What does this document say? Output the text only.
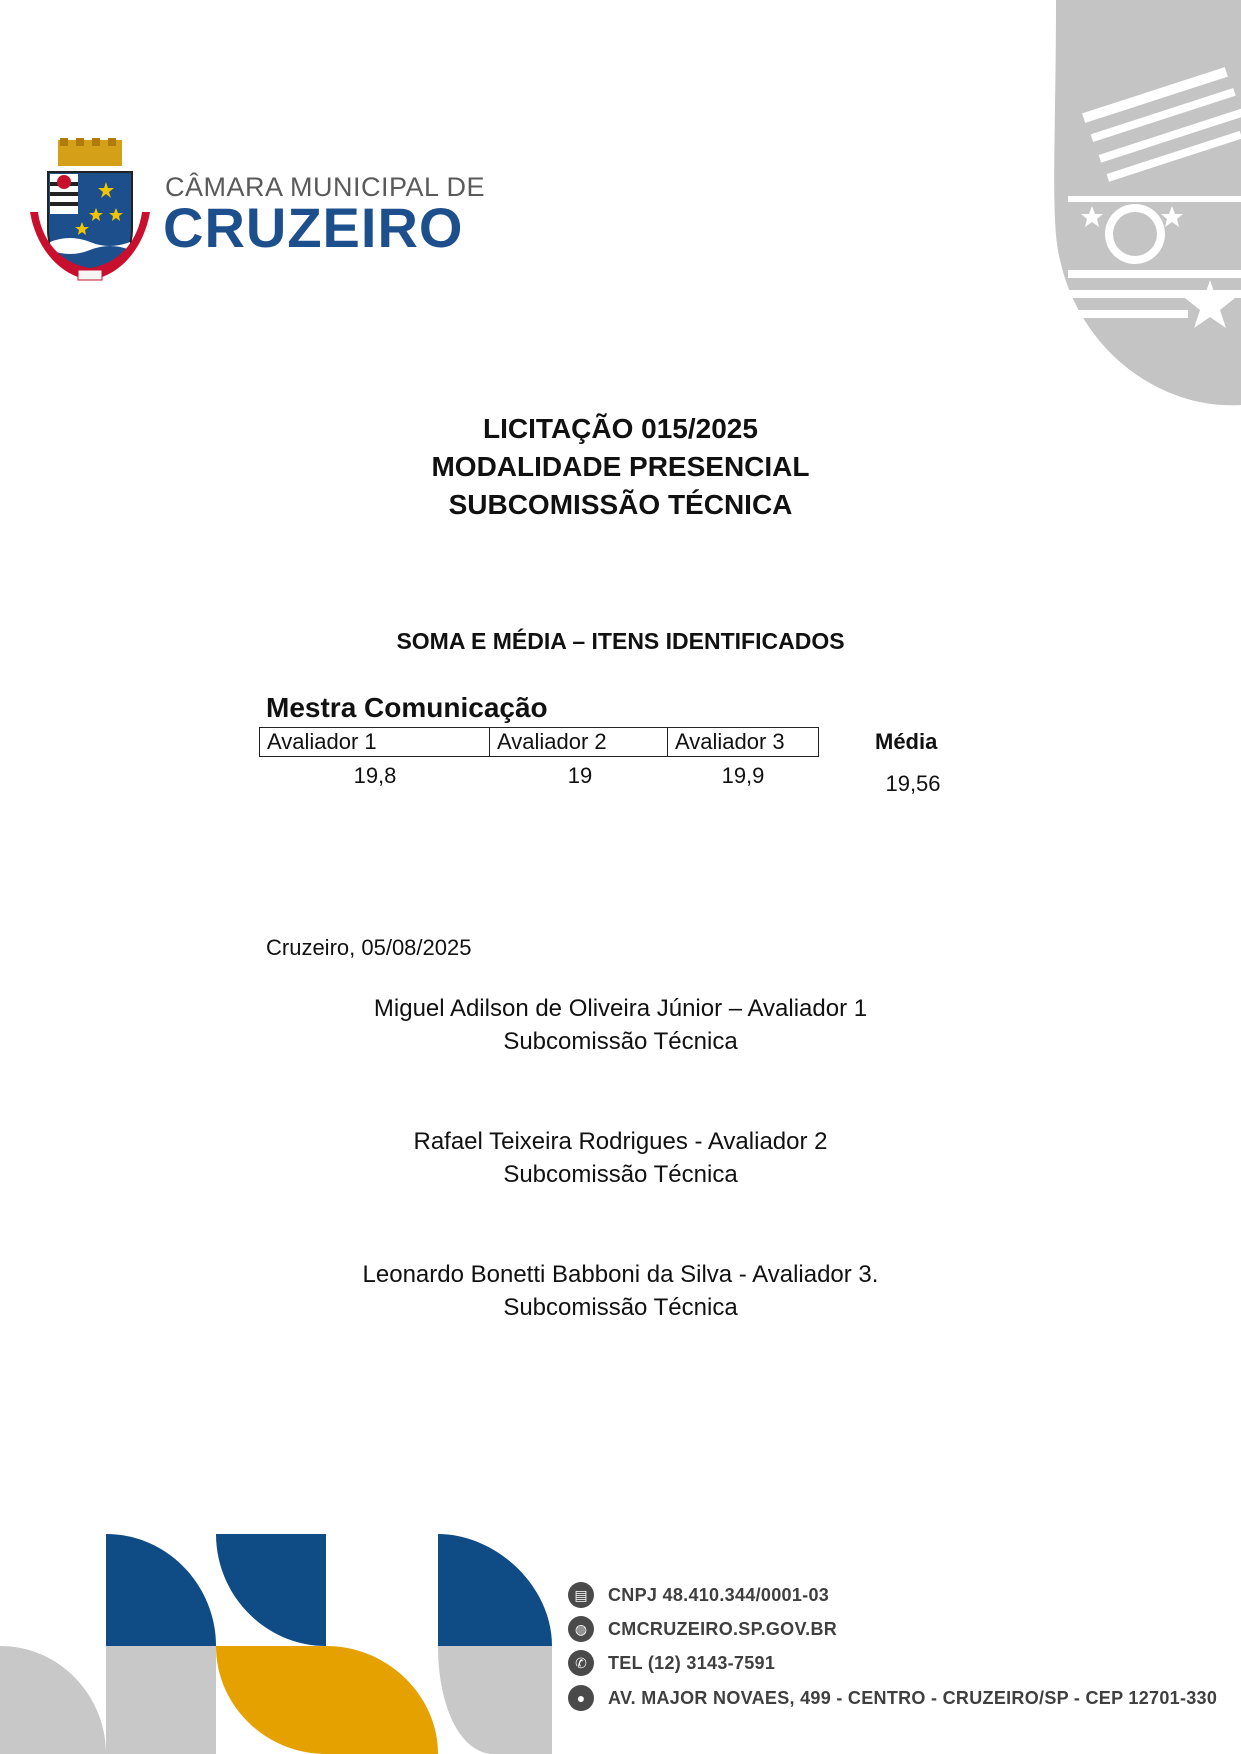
CÂMARA MUNICIPAL DE
CRUZEIRO
LICITAÇÃO 015/2025
MODALIDADE PRESENCIAL
SUBCOMISSÃO TÉCNICA
SOMA E MÉDIA – ITENS IDENTIFICADOS
Mestra Comunicação
Avaliador 1	Avaliador 2	Avaliador 3	Média
19,8	19	19,9	19,56
Cruzeiro, 05/08/2025
Miguel Adilson de Oliveira Júnior – Avaliador 1
Subcomissão Técnica
Rafael Teixeira Rodrigues - Avaliador 2
Subcomissão Técnica
Leonardo Bonetti Babboni da Silva - Avaliador 3.
Subcomissão Técnica
▤	CNPJ 48.410.344/0001-03
◍	CMCRUZEIRO.SP.GOV.BR
✆	TEL (12) 3143-7591
●	AV. MAJOR NOVAES, 499 - CENTRO - CRUZEIRO/SP - CEP 12701-330
